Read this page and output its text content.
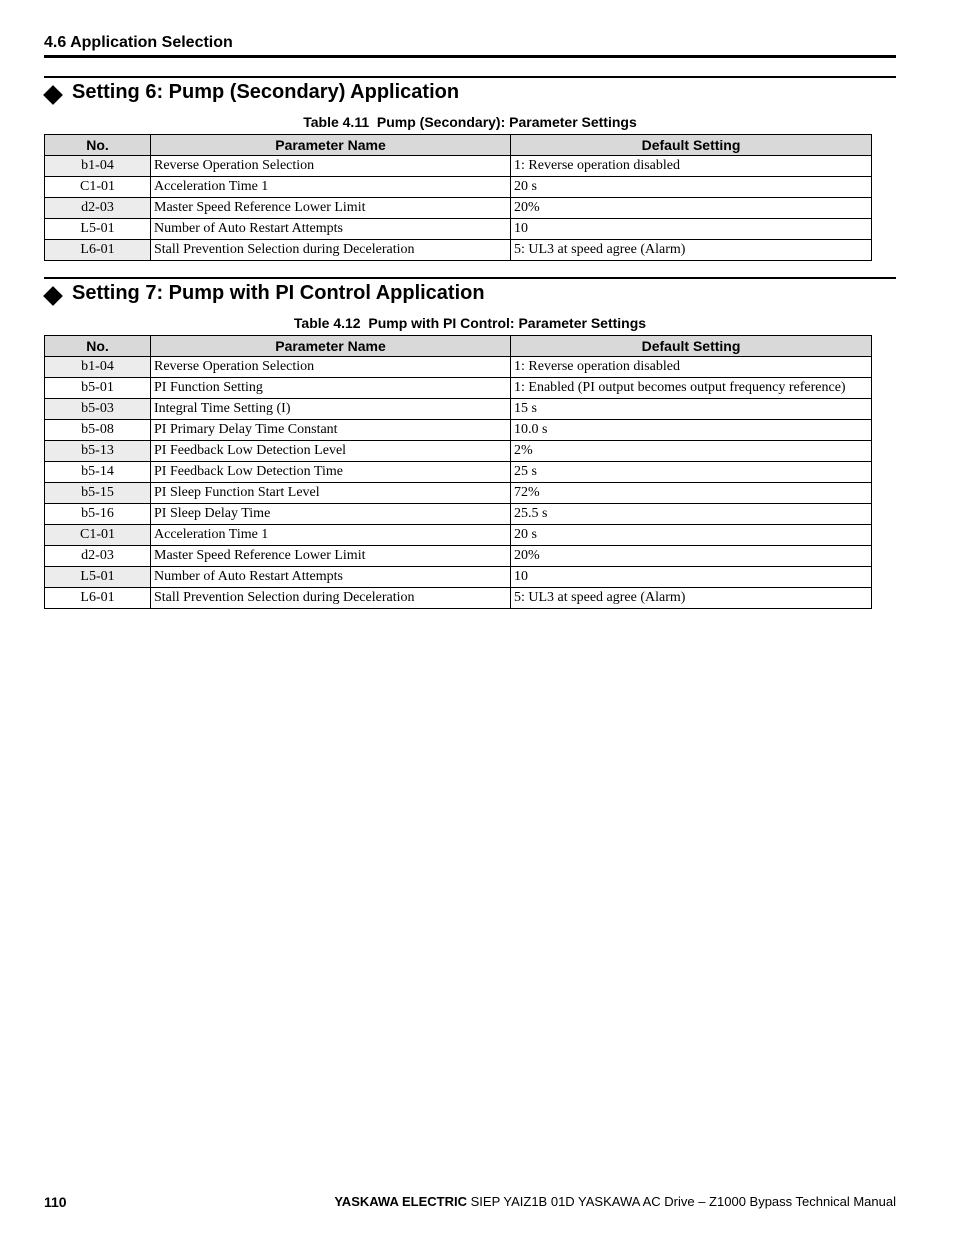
4.6 Application Selection
Setting 6: Pump (Secondary) Application
Table 4.11  Pump (Secondary): Parameter Settings
No.	Parameter Name	Default Setting
b1-04	Reverse Operation Selection	1: Reverse operation disabled
C1-01	Acceleration Time 1	20 s
d2-03	Master Speed Reference Lower Limit	20%
L5-01	Number of Auto Restart Attempts	10
L6-01	Stall Prevention Selection during Deceleration	5: UL3 at speed agree (Alarm)
Setting 7: Pump with PI Control Application
Table 4.12  Pump with PI Control: Parameter Settings
No.	Parameter Name	Default Setting
b1-04	Reverse Operation Selection	1: Reverse operation disabled
b5-01	PI Function Setting	1: Enabled (PI output becomes output frequency reference)
b5-03	Integral Time Setting (I)	15 s
b5-08	PI Primary Delay Time Constant	10.0 s
b5-13	PI Feedback Low Detection Level	2%
b5-14	PI Feedback Low Detection Time	25 s
b5-15	PI Sleep Function Start Level	72%
b5-16	PI Sleep Delay Time	25.5 s
C1-01	Acceleration Time 1	20 s
d2-03	Master Speed Reference Lower Limit	20%
L5-01	Number of Auto Restart Attempts	10
L6-01	Stall Prevention Selection during Deceleration	5: UL3 at speed agree (Alarm)
110	YASKAWA ELECTRIC SIEP YAIZ1B 01D YASKAWA AC Drive – Z1000 Bypass Technical Manual
